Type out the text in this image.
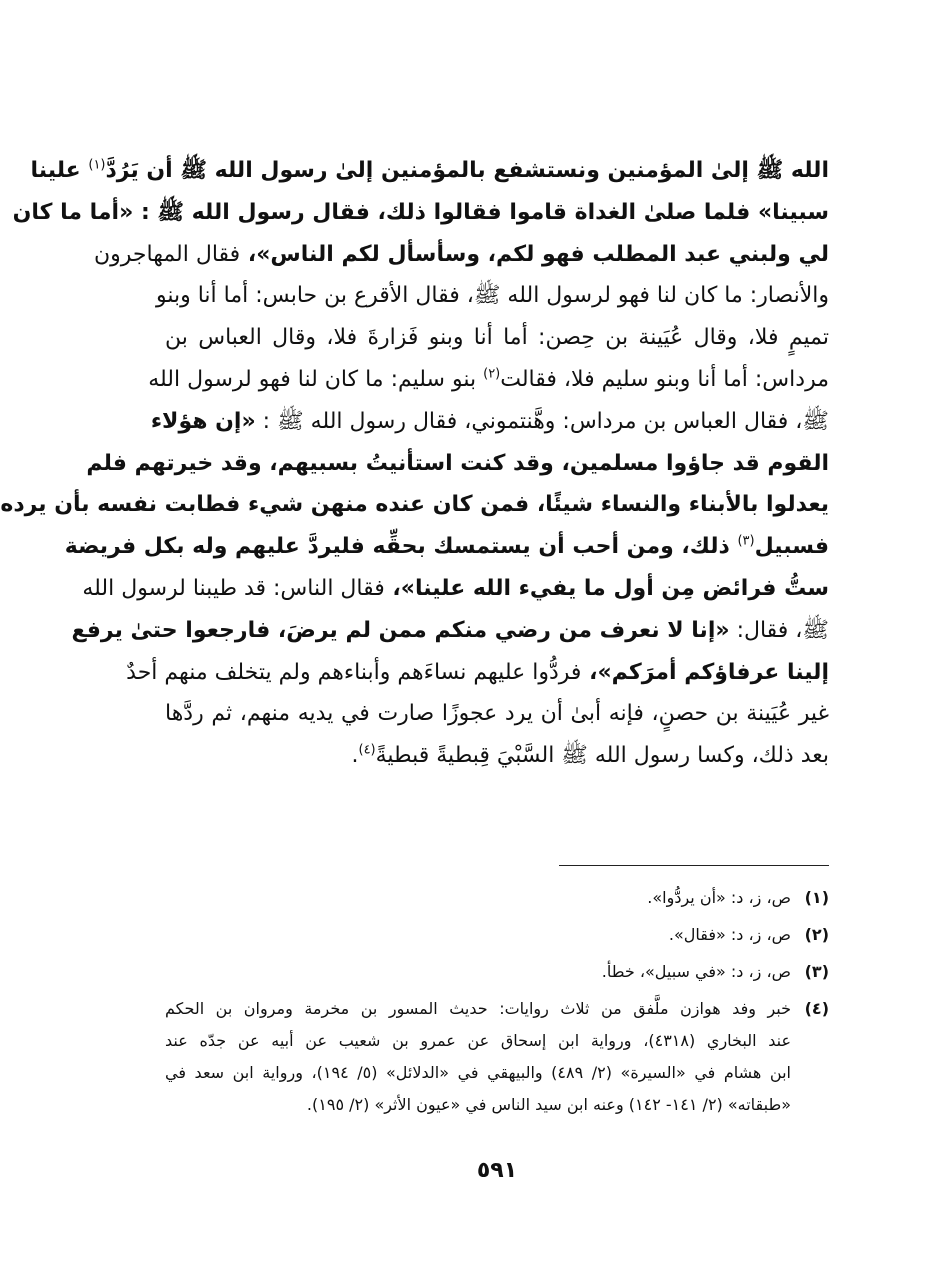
الله ﷺ إلىٰ المؤمنين ونستشفع بالمؤمنين إلىٰ رسول الله ﷺ أن يَرُدَّ$^{(١)}$ علينا
سبينا» فلما صلىٰ الغداة قاموا فقالوا ذلك، فقال رسول الله ﷺ : «أما ما كان
لي ولبني عبد المطلب فهو لكم، وسأسأل لكم الناس»، فقال المهاجرون
والأنصار: ما كان لنا فهو لرسول الله ﷺ، فقال الأقرع بن حابس: أما أنا وبنو
تميمٍ فلا، وقال عُيَينة بن حِصن: أما أنا وبنو فَزارةَ فلا، وقال العباس بن
مرداس: أما أنا وبنو سليم فلا، فقالت$^{(٢)}$ بنو سليم: ما كان لنا فهو لرسول الله
ﷺ، فقال العباس بن مرداس: وهَّنتموني، فقال رسول الله ﷺ : «إن هؤلاء
القوم قد جاؤوا مسلمين، وقد كنت استأنيتُ بسبيهم، وقد خيرتهم فلم
يعدلوا بالأبناء والنساء شيئًا، فمن كان عنده منهن شيء فطابت نفسه بأن يرده
فسبيل$^{(٣)}$ ذلك، ومن أحب أن يستمسك بحقِّه فليردَّ عليهم وله بكل فريضة
ستُّ فرائض مِن أول ما يفيء الله علينا»، فقال الناس: قد طيبنا لرسول الله
ﷺ، فقال: «إنا لا نعرف من رضي منكم ممن لم يرضَ، فارجعوا حتىٰ يرفع
إلينا عرفاؤكم أمرَكم»، فردُّوا عليهم نساءَهم وأبناءهم ولم يتخلف منهم أحدٌ
غير عُيَينة بن حصنٍ، فإنه أبىٰ أن يرد عجوزًا صارت في يديه منهم، ثم ردَّها
بعد ذلك، وكسا رسول الله ﷺ السَّبْيَ قِبطيةً قبطيةً$^{(٤)}$.
(١)
ص، ز، د: «أن يردُّوا».
(٢)
ص، ز، د: «فقال».
(٣)
ص، ز، د: «في سبيل»، خطأ.
(٤)
خبر وفد هوازن ملَّفق من ثلاث روايات: حديث المسور بن مخرمة ومروان بن الحكم
عند البخاري (٤٣١٨)، ورواية ابن إسحاق عن عمرو بن شعيب عن أبيه عن جدّه عند
ابن هشام في «السيرة» (٢/ ٤٨٩) والبيهقي في «الدلائل» (٥/ ١٩٤)، ورواية ابن سعد في
«طبقاته» (٢/ ١٤١- ١٤٢) وعنه ابن سيد الناس في «عيون الأثر» (٢/ ١٩٥).
٥٩١
